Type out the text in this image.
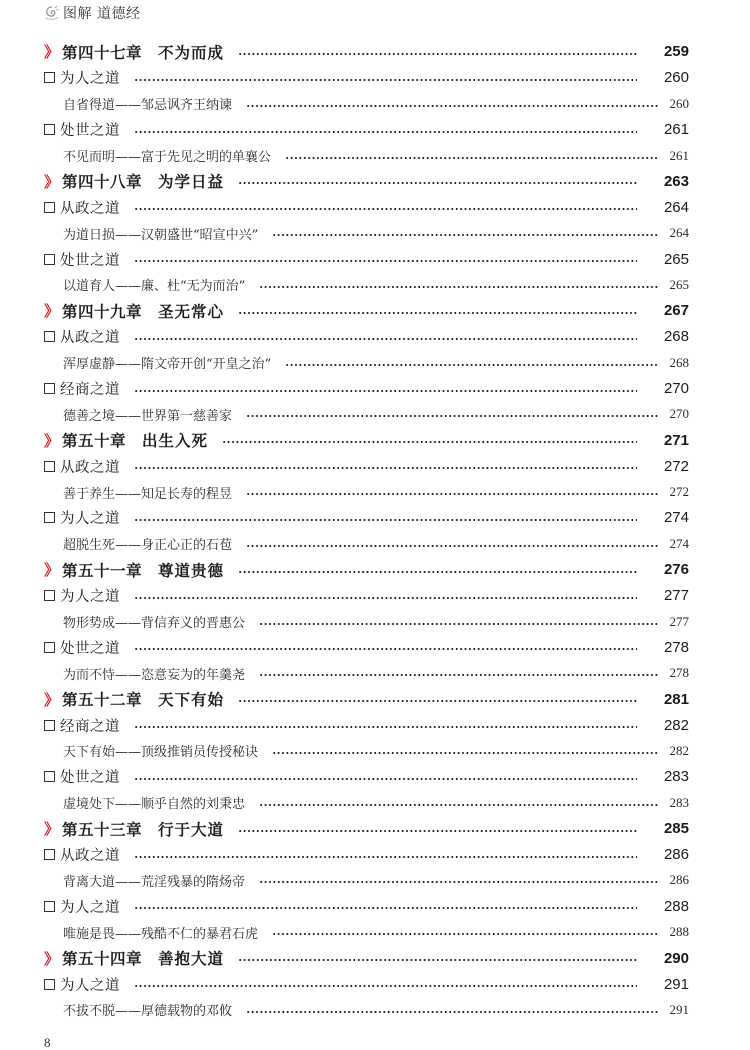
图解 道德经
》 第四十七章 不为而成	259
为人之道	260
自省得道——邹忌讽齐王纳谏	260
处世之道	261
不见而明——富于先见之明的单襄公	261
》 第四十八章 为学日益	263
从政之道	264
为道日损——汉朝盛世“昭宣中兴”	264
处世之道	265
以道育人——廉、杜“无为而治”	265
》 第四十九章 圣无常心	267
从政之道	268
浑厚虚静——隋文帝开创“开皇之治”	268
经商之道	270
德善之境——世界第一慈善家	270
》 第五十章 出生入死	271
从政之道	272
善于养生——知足长寿的程昱	272
为人之道	274
超脱生死——身正心正的石苞	274
》 第五十一章 尊道贵德	276
为人之道	277
物形势成——背信弃义的晋惠公	277
处世之道	278
为而不恃——恣意妄为的年羹尧	278
》 第五十二章 天下有始	281
经商之道	282
天下有始——顶级推销员传授秘诀	282
处世之道	283
虚境处下——顺乎自然的刘秉忠	283
》 第五十三章 行于大道	285
从政之道	286
背离大道——荒淫残暴的隋炀帝	286
为人之道	288
唯施是畏——残酷不仁的暴君石虎	288
》 第五十四章 善抱大道	290
为人之道	291
不拔不脱——厚德载物的邓攸	291
8
